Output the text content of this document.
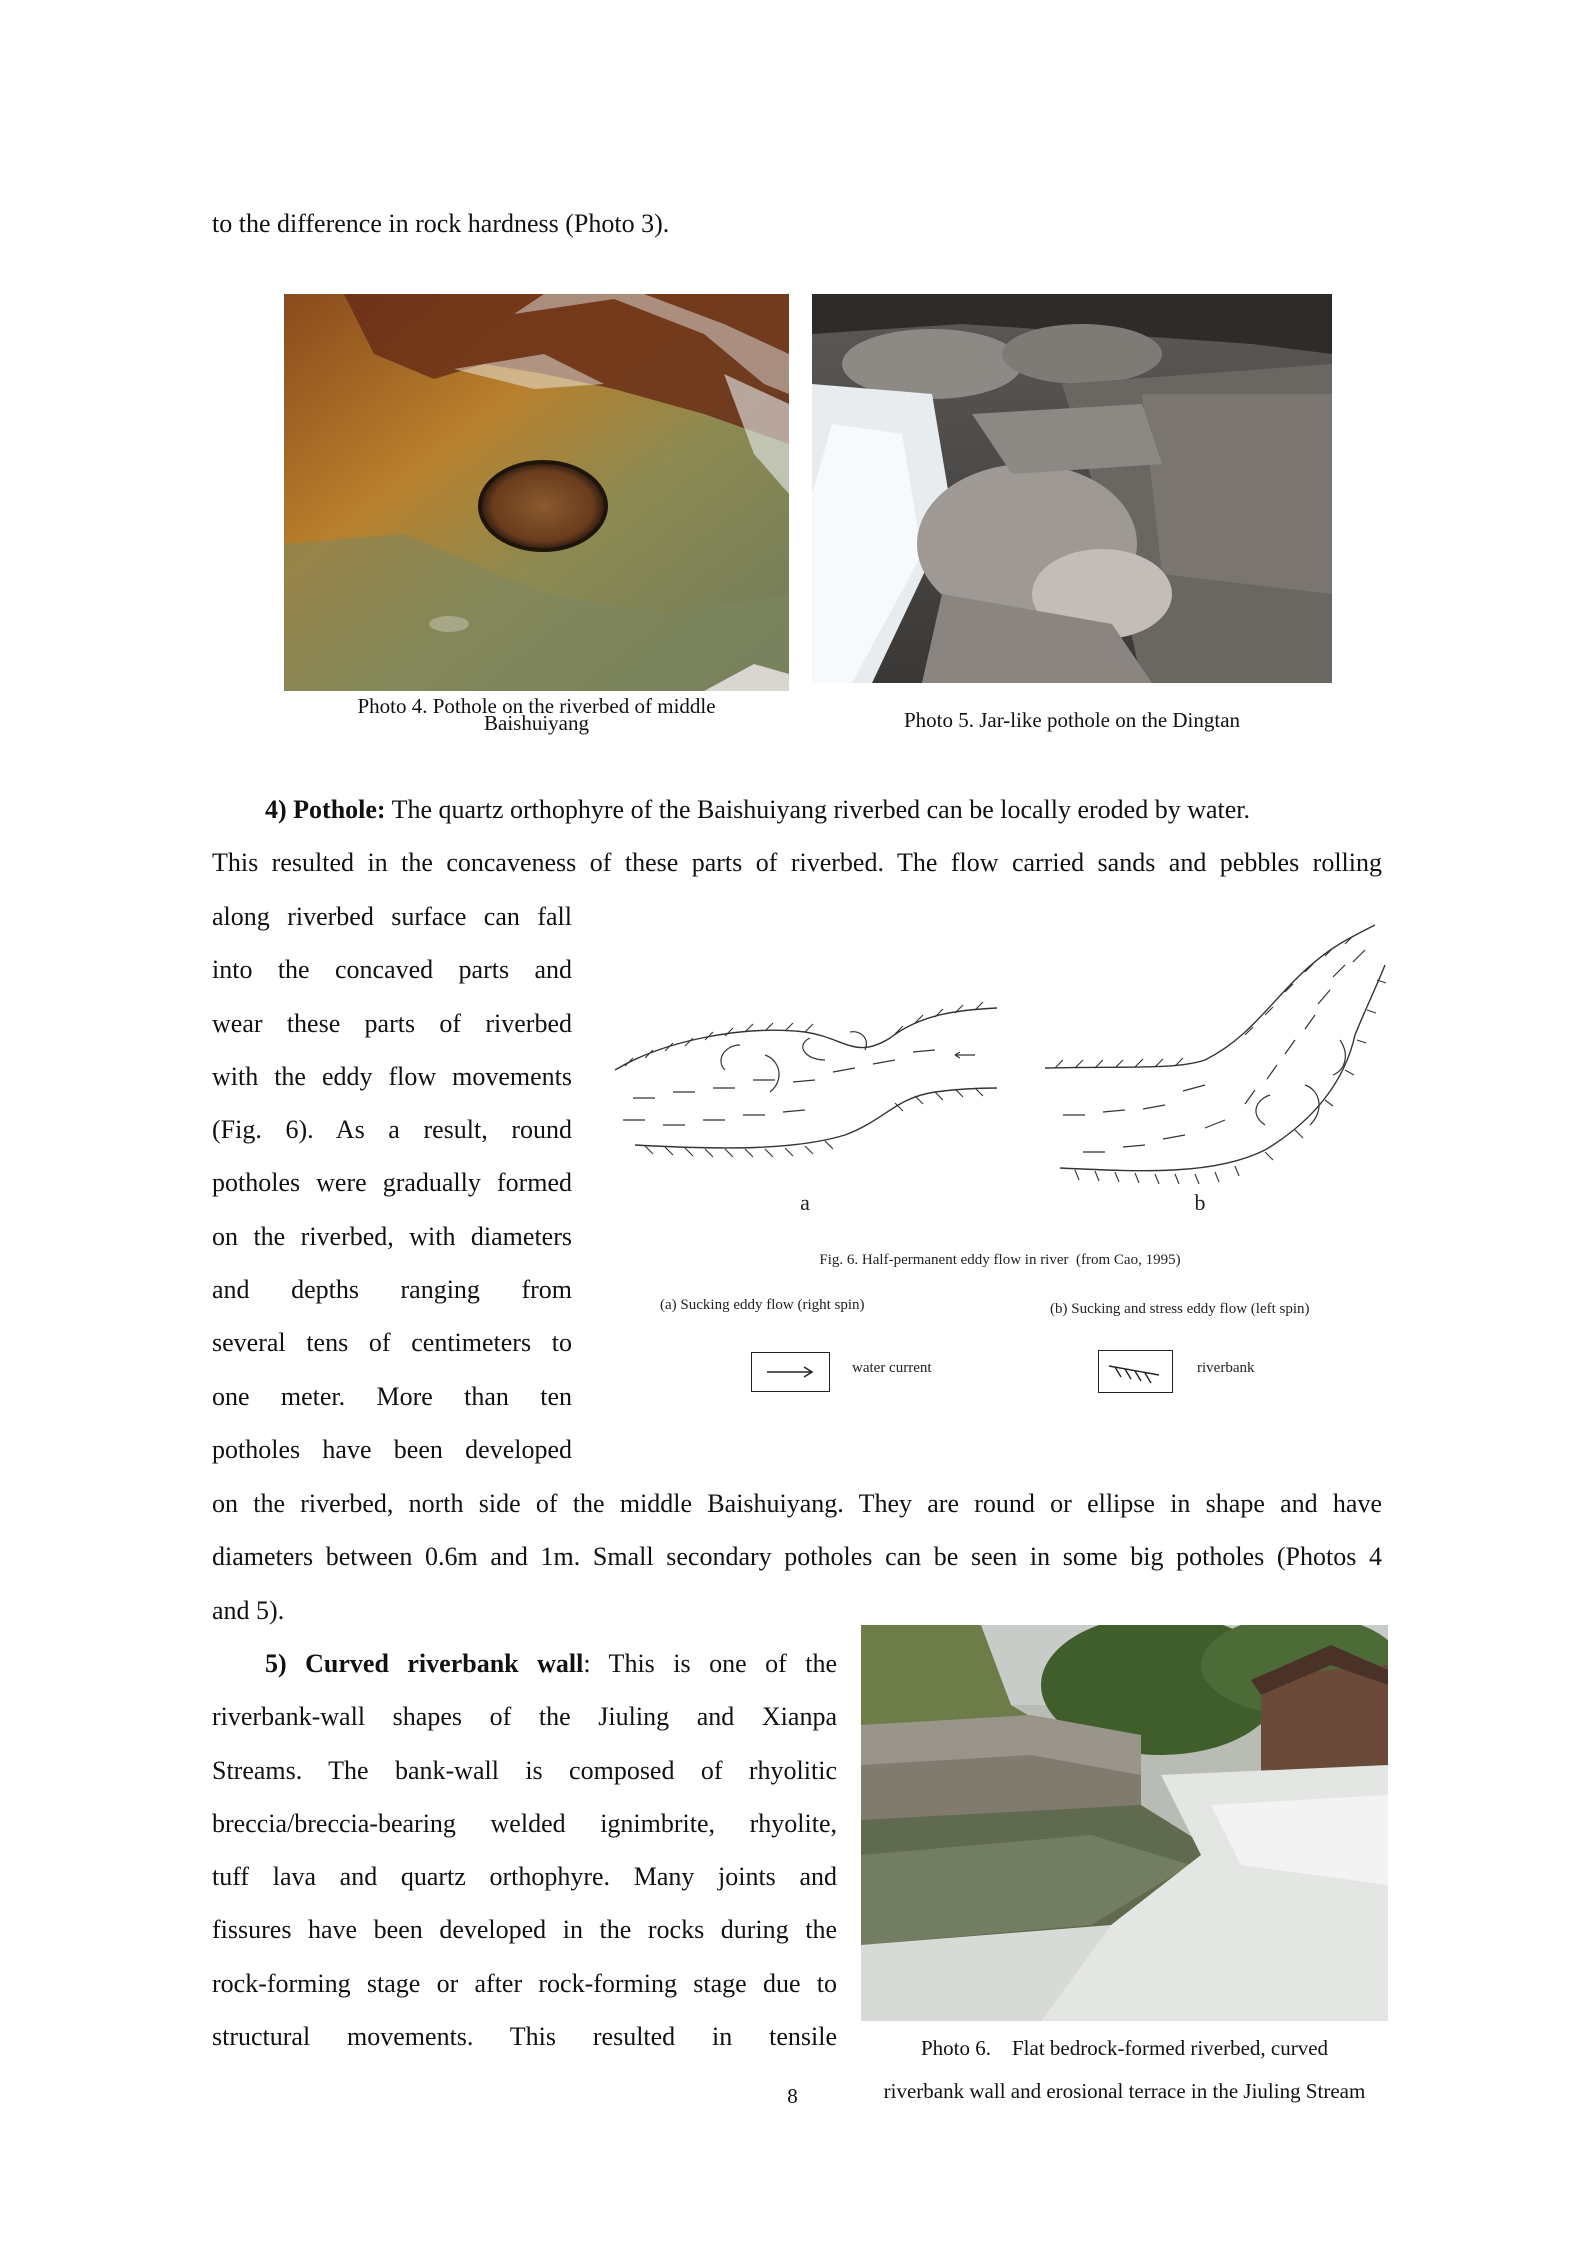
to the difference in rock hardness (Photo 3).
Photo 4. Pothole on the riverbed of middle
Baishuiyang	Photo 5. Jar-like pothole on the Dingtan
4) Pothole: The quartz orthophyre of the Baishuiyang riverbed can be locally eroded by water.
This resulted in the concaveness of these parts of riverbed. The flow carried sands and pebbles rolling
along riverbed surface can fall
into the concaved parts and
wear these parts of riverbed
with the eddy flow movements
(Fig. 6). As a result, round
potholes were gradually formed
on the riverbed, with diameters
and depths ranging from
several tens of centimeters to
one meter. More than ten
potholes have been developed
a	b
Fig. 6. Half-permanent eddy flow in river  (from Cao, 1995)
(a) Sucking eddy flow (right spin)	(b) Sucking and stress eddy flow (left spin)
water current	riverbank
on the riverbed, north side of the middle Baishuiyang. They are round or ellipse in shape and have
diameters between 0.6m and 1m. Small secondary potholes can be seen in some big potholes (Photos 4
and 5).
5) Curved riverbank wall: This is one of the
riverbank-wall shapes of the Jiuling and Xianpa
Streams. The bank-wall is composed of rhyolitic
breccia/breccia-bearing welded ignimbrite, rhyolite,
tuff lava and quartz orthophyre. Many joints and
fissures have been developed in the rocks during the
rock-forming stage or after rock-forming stage due to
structural movements. This resulted in tensile	Photo 6.    Flat bedrock-formed riverbed, curved
riverbank wall and erosional terrace in the Jiuling Stream
8
